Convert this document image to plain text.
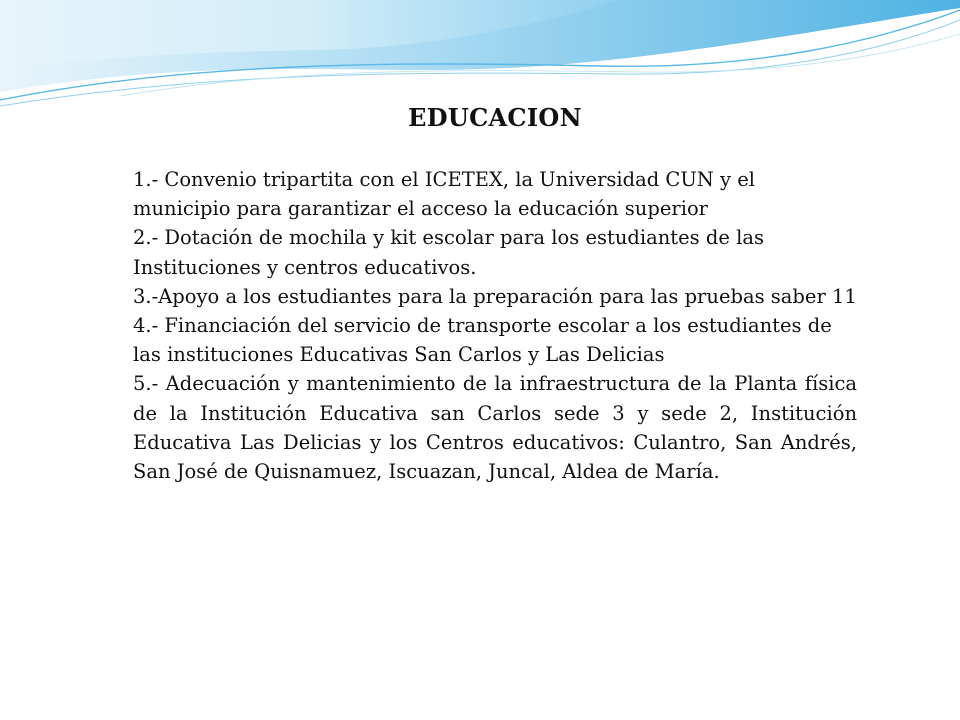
EDUCACION
1.- Convenio tripartita con el ICETEX, la Universidad CUN y el municipio para garantizar el acceso la educación superior
2.- Dotación de mochila y kit escolar para los estudiantes de las Instituciones y centros educativos.
3.-Apoyo a los estudiantes para la preparación para las pruebas saber 11
4.- Financiación del servicio de transporte escolar a los estudiantes de las instituciones Educativas San Carlos y Las Delicias
5.- Adecuación y mantenimiento de la infraestructura de la Planta física de la Institución Educativa san Carlos sede 3 y sede 2, Institución Educativa Las Delicias y los Centros educativos: Culantro, San Andrés, San José de Quisnamuez, Iscuazan, Juncal, Aldea de María.
